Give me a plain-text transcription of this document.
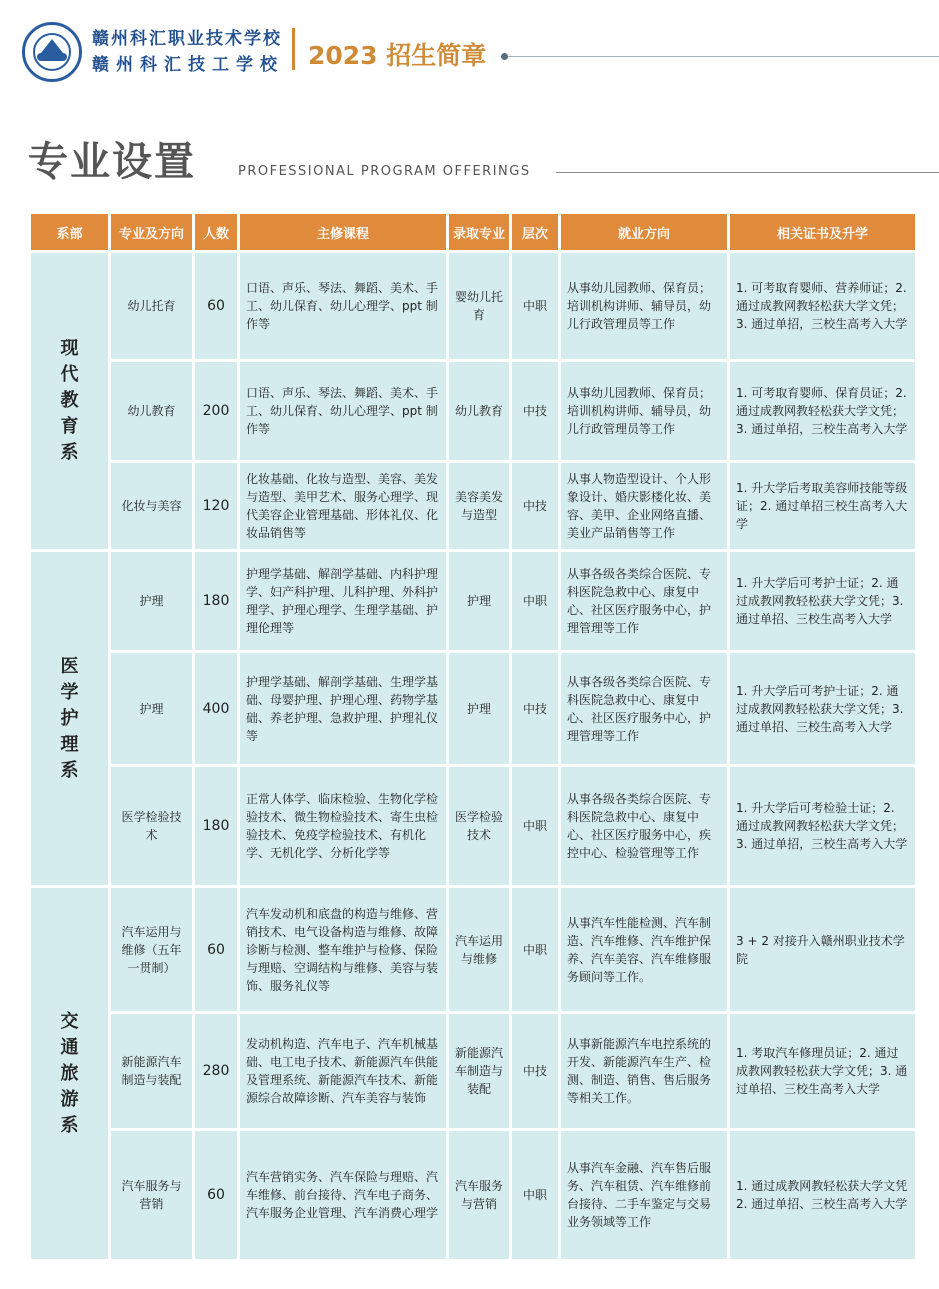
赣州科汇职业技术学校
赣州科汇技工学校 2023 招生简章
专业设置	PROFESSIONAL PROGRAM OFFERINGS
系部	专业及方向	人数	主修课程	录取专业	层次	就业方向	相关证书及升学

现代教育系	幼儿托育	60	口语、声乐、琴法、舞蹈、美术、手工、幼儿保育、幼儿心理学、ppt 制作等	婴幼儿托育	中职	从事幼儿园教师、保育员；培训机构讲师、辅导员，幼儿行政管理员等工作	1. 可考取育婴师、营养师证；2. 通过成教网教轻松获大学文凭；3. 通过单招，三校生高考入大学
	幼儿教育	200	口语、声乐、琴法、舞蹈、美术、手工、幼儿保育、幼儿心理学、ppt 制作等	幼儿教育	中技	从事幼儿园教师、保育员；培训机构讲师、辅导员，幼儿行政管理员等工作	1. 可考取育婴师、保育员证；2. 通过成教网教轻松获大学文凭；3. 通过单招，三校生高考入大学
	化妆与美容	120	化妆基础、化妆与造型、美容、美发与造型、美甲艺术、服务心理学、现代美容企业管理基础、形体礼仪、化妆品销售等	美容美发与造型	中技	从事人物造型设计、个人形象设计、婚庆影楼化妆、美容、美甲、企业网络直播、美业产品销售等工作	1. 升大学后考取美容师技能等级证；2. 通过单招三校生高考入大学

医学护理系	护理	180	护理学基础、解剖学基础、内科护理学、妇产科护理、儿科护理、外科护理学、护理心理学、生理学基础、护理伦理等	护理	中职	从事各级各类综合医院、专科医院急救中心、康复中心、社区医疗服务中心，护理管理等工作	1. 升大学后可考护士证；2. 通过成教网教轻松获大学文凭；3. 通过单招、三校生高考入大学
	护理	400	护理学基础、解剖学基础、生理学基础、母婴护理、护理心理、药物学基础、养老护理、急救护理、护理礼仪等	护理	中技	从事各级各类综合医院、专科医院急救中心、康复中心、社区医疗服务中心，护理管理等工作	1. 升大学后可考护士证；2. 通过成教网教轻松获大学文凭；3. 通过单招、三校生高考入大学
	医学检验技术	180	正常人体学、临床检验、生物化学检验技术、微生物检验技术、寄生虫检验技术、免疫学检验技术、有机化学、无机化学、分析化学等	医学检验技术	中职	从事各级各类综合医院、专科医院急救中心、康复中心、社区医疗服务中心，疾控中心、检验管理等工作	1. 升大学后可考检验士证；2. 通过成教网教轻松获大学文凭；3. 通过单招，三校生高考入大学

交通旅游系	汽车运用与维修（五年一贯制）	60	汽车发动机和底盘的构造与维修、营销技术、电气设备构造与维修、故障诊断与检测、整车维护与检修、保险与理赔、空调结构与维修、美容与装饰、服务礼仪等	汽车运用与维修	中职	从事汽车性能检测、汽车制造、汽车维修、汽车维护保养、汽车美容、汽车维修服务顾问等工作。	3 + 2 对接升入赣州职业技术学院
	新能源汽车制造与装配	280	发动机构造、汽车电子、汽车机械基础、电工电子技术、新能源汽车供能及管理系统、新能源汽车技术、新能源综合故障诊断、汽车美容与装饰	新能源汽车制造与装配	中技	从事新能源汽车电控系统的开发、新能源汽车生产、检测、制造、销售、售后服务等相关工作。	1. 考取汽车修理员证；2. 通过成教网教轻松获大学文凭；3. 通过单招、三校生高考入大学
	汽车服务与营销	60	汽车营销实务、汽车保险与理赔、汽车维修、前台接待、汽车电子商务、汽车服务企业管理、汽车消费心理学	汽车服务与营销	中职	从事汽车金融、汽车售后服务、汽车租赁、汽车维修前台接待、二手车鉴定与交易业务领域等工作	1. 通过成教网教轻松获大学文凭 2. 通过单招、三校生高考入大学
